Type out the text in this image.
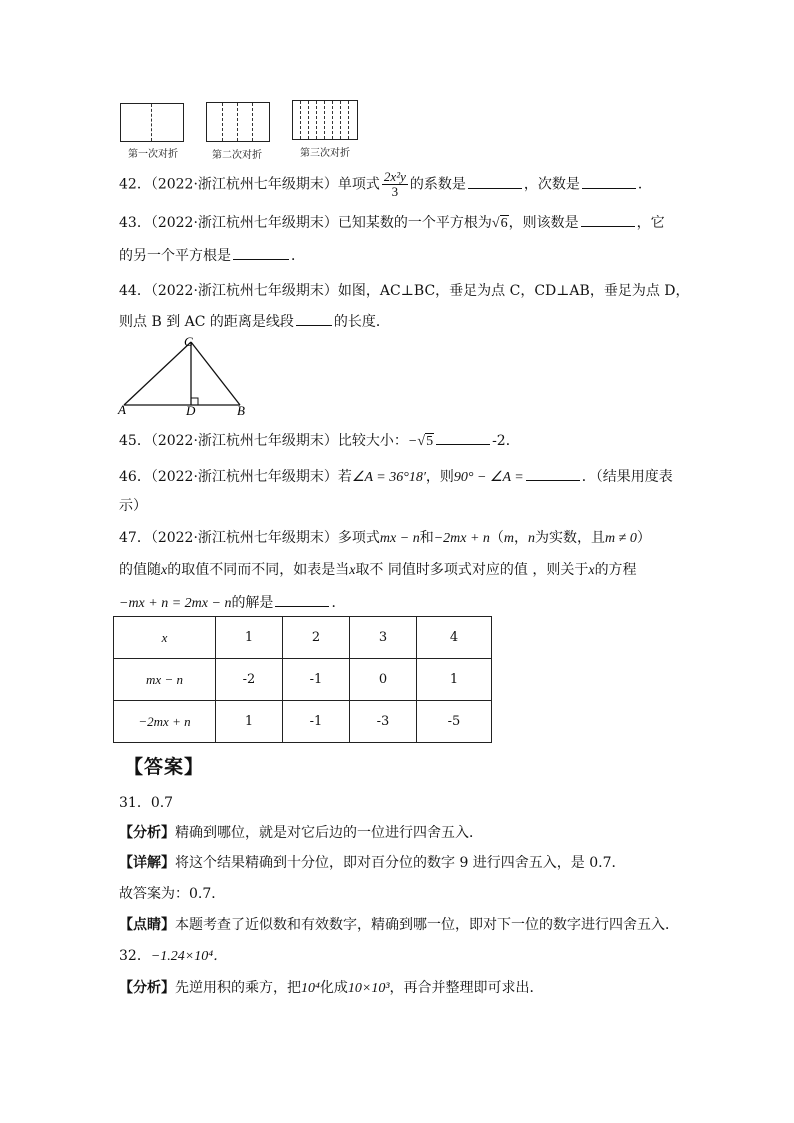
第一次对折	第二次对折	第三次对折
42．（2022·浙江杭州七年级期末）单项式 $\frac{\text{2x²y}}{3}$ 的系数是	，次数是	．
43．（2022·浙江杭州七年级期末）已知某数的一个平方根为√6，则该数是	，它
的另一个平方根是	．
44．（2022·浙江杭州七年级期末）如图，AC⊥BC，垂足为点 C，CD⊥AB，垂足为点 D，
则点 B 到 AC 的距离是线段	的长度．
C
A	D	B
45．（2022·浙江杭州七年级期末）比较大小：−√5	-2．
46．（2022·浙江杭州七年级期末）若∠A = 36°18′，则90° − ∠A =	．（结果用度表
示）
47．（2022·浙江杭州七年级期末）多项式mx − n和−2mx + n（m，n为实数，且m ≠ 0）
的值随x的取值不同而不同，如表是当x取不 同值时多项式对应的值 ，则关于x的方程
−mx + n = 2mx − n的解是	．
x	1	2	3	4
mx − n	-2	-1	0	1
−2mx + n	1	-1	-3	-5
【答案】
31．0.7
【分析】精确到哪位，就是对它后边的一位进行四舍五入．
【详解】将这个结果精确到十分位，即对百分位的数字 9 进行四舍五入，是 0.7．
故答案为：0.7．
【点睛】本题考查了近似数和有效数字，精确到哪一位，即对下一位的数字进行四舍五入．
32．−1.24×10⁴．
【分析】先逆用积的乘方，把10⁴化成10×10³，再合并整理即可求出．
